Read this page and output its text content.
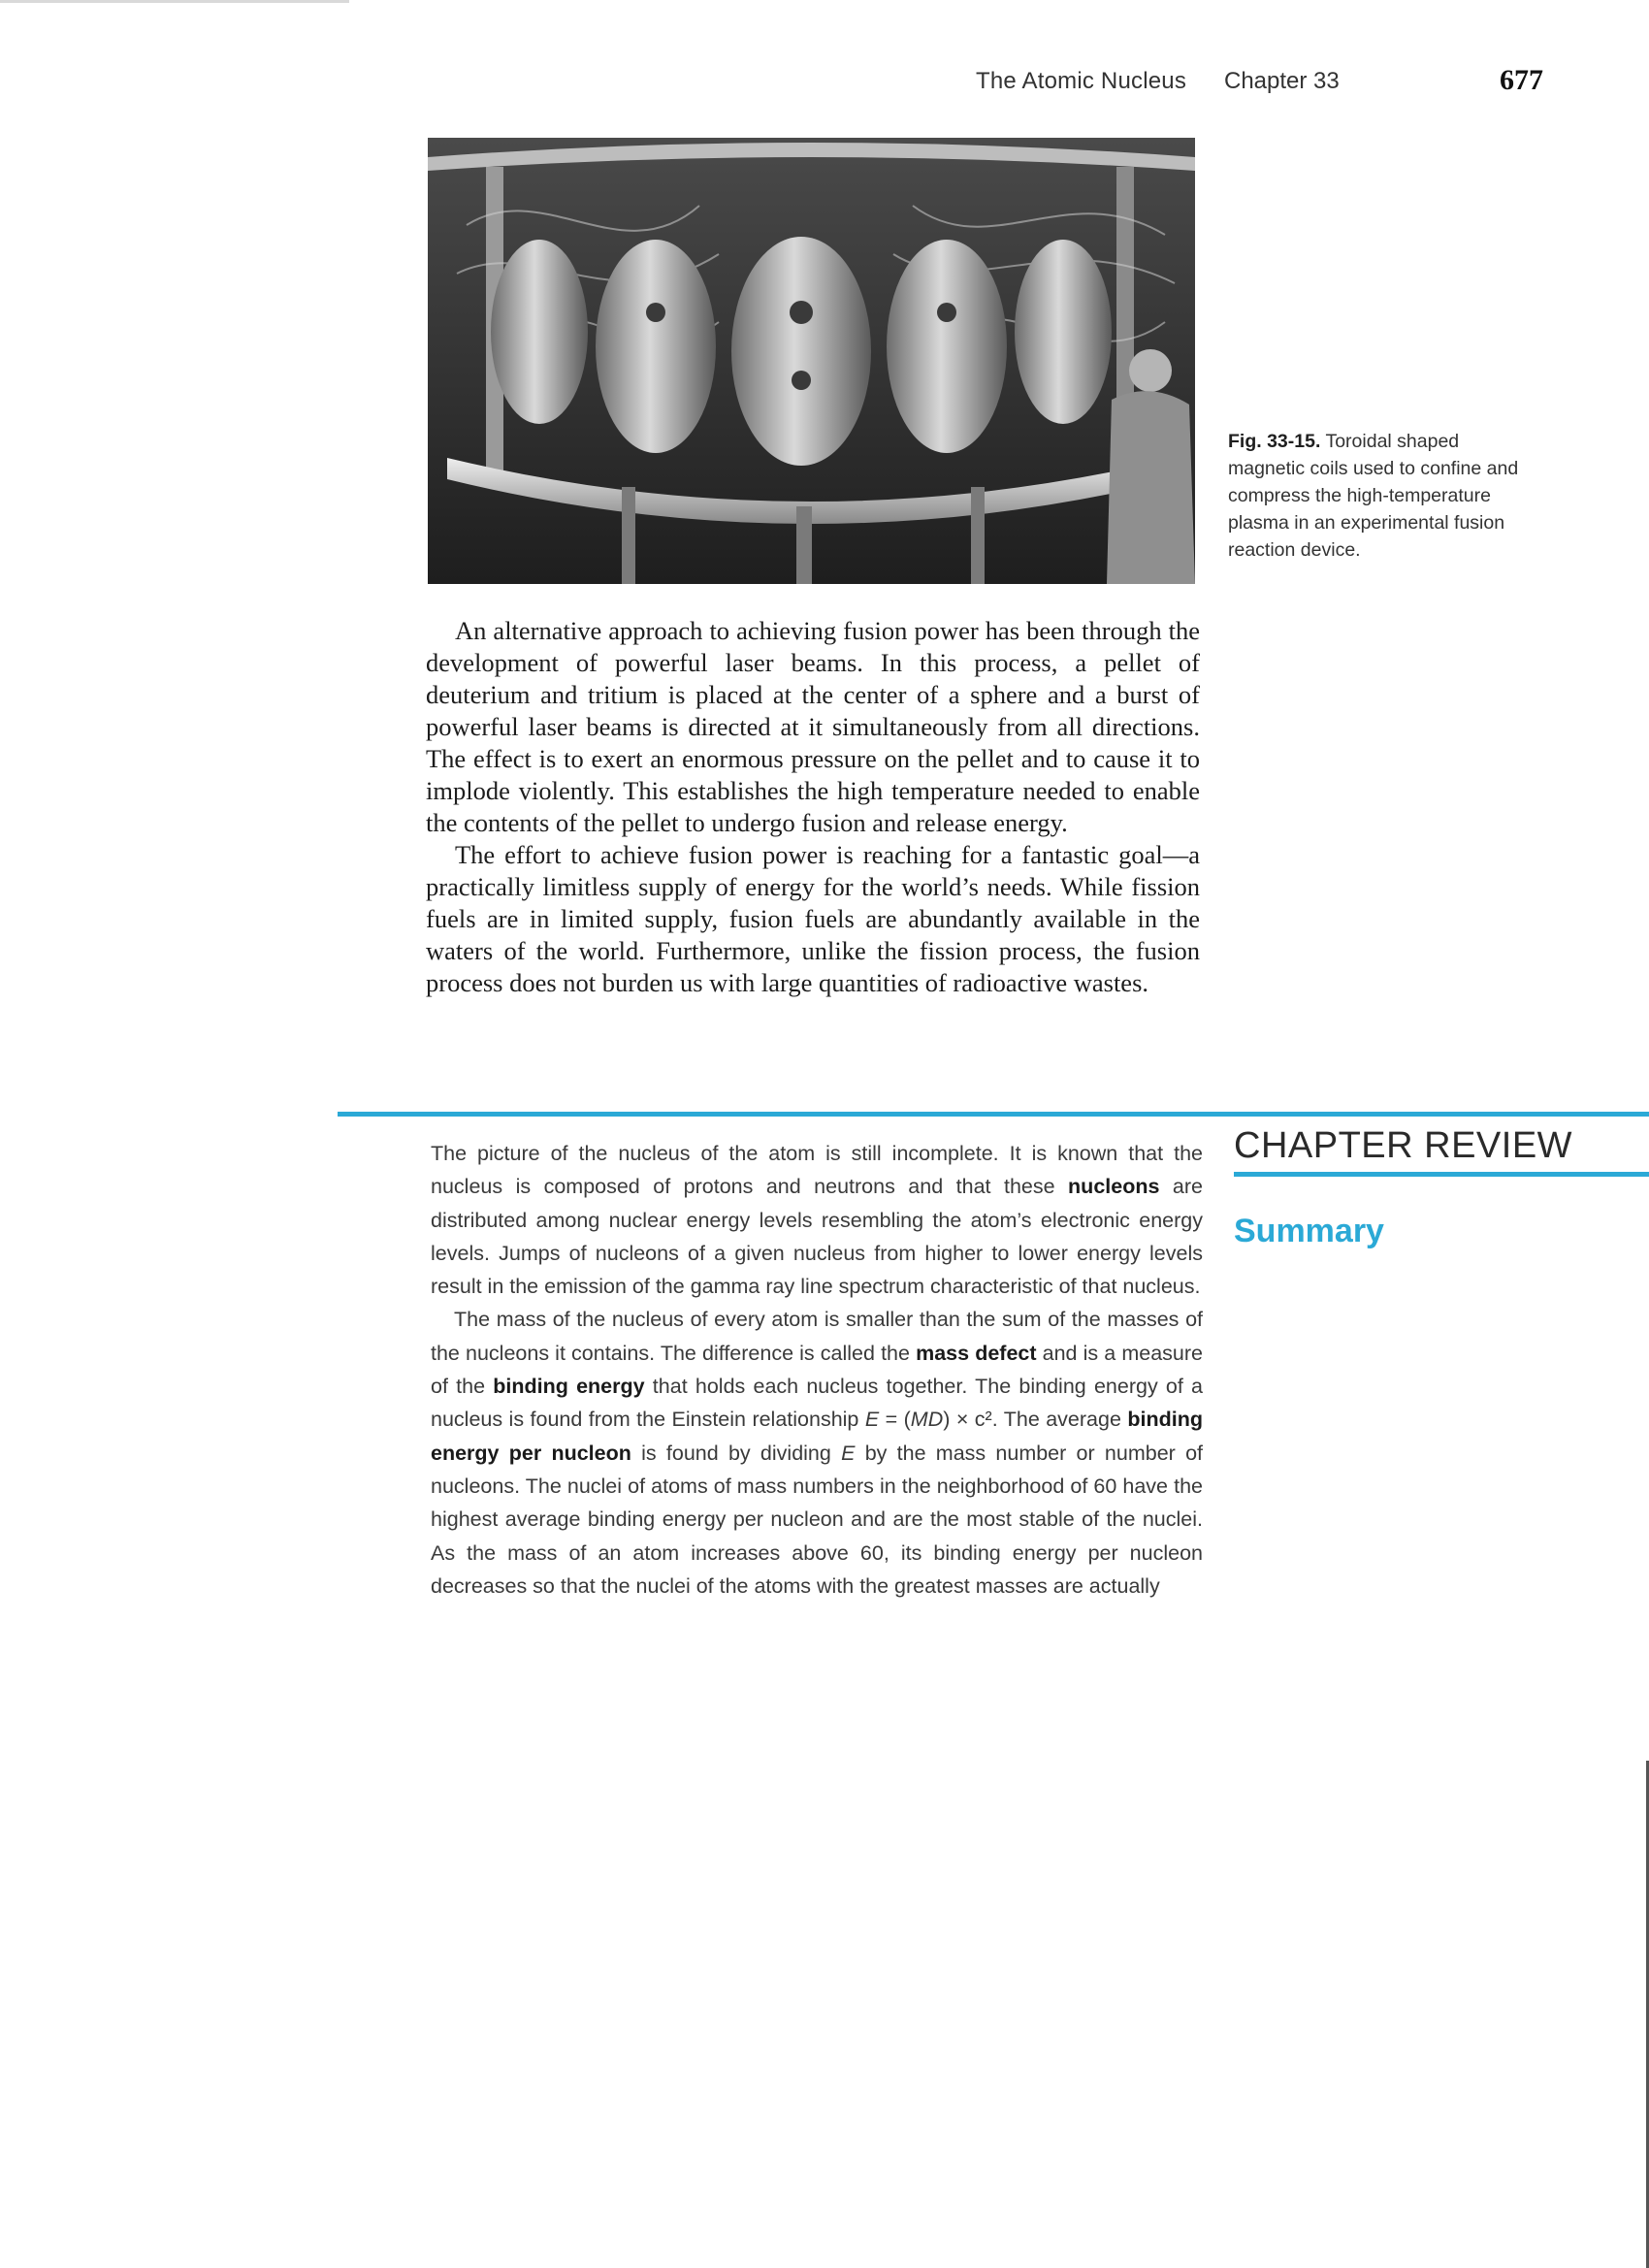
The Atomic Nucleus Chapter 33	677
Fig. 33-15. Toroidal shaped magnetic coils used to confine and compress the high-temperature plasma in an experimental fusion reaction device.

An alternative approach to achieving fusion power has been through the development of powerful laser beams. In this process, a pellet of deuterium and tritium is placed at the center of a sphere and a burst of powerful laser beams is directed at it simultaneously from all directions. The effect is to exert an enormous pressure on the pellet and to cause it to implode violently. This establishes the high temperature needed to enable the contents of the pellet to undergo fusion and release energy.

The effort to achieve fusion power is reaching for a fantastic goal—a practically limitless supply of energy for the world’s needs. While fission fuels are in limited supply, fusion fuels are abundantly available in the waters of the world. Furthermore, unlike the fission process, the fusion process does not burden us with large quantities of radioactive wastes.

CHAPTER REVIEW
Summary

The picture of the nucleus of the atom is still incomplete. It is known that the nucleus is composed of protons and neutrons and that these nucleons are distributed among nuclear energy levels resembling the atom’s electronic energy levels. Jumps of nucleons of a given nucleus from higher to lower energy levels result in the emission of the gamma ray line spectrum characteristic of that nucleus.

The mass of the nucleus of every atom is smaller than the sum of the masses of the nucleons it contains. The difference is called the mass defect and is a measure of the binding energy that holds each nucleus together. The binding energy of a nucleus is found from the Einstein relationship E = (MD) × c². The average binding energy per nucleon is found by dividing E by the mass number or number of nucleons. The nuclei of atoms of mass numbers in the neighborhood of 60 have the highest average binding energy per nucleon and are the most stable of the nuclei. As the mass of an atom increases above 60, its binding energy per nucleon decreases so that the nuclei of the atoms with the greatest masses are actually
